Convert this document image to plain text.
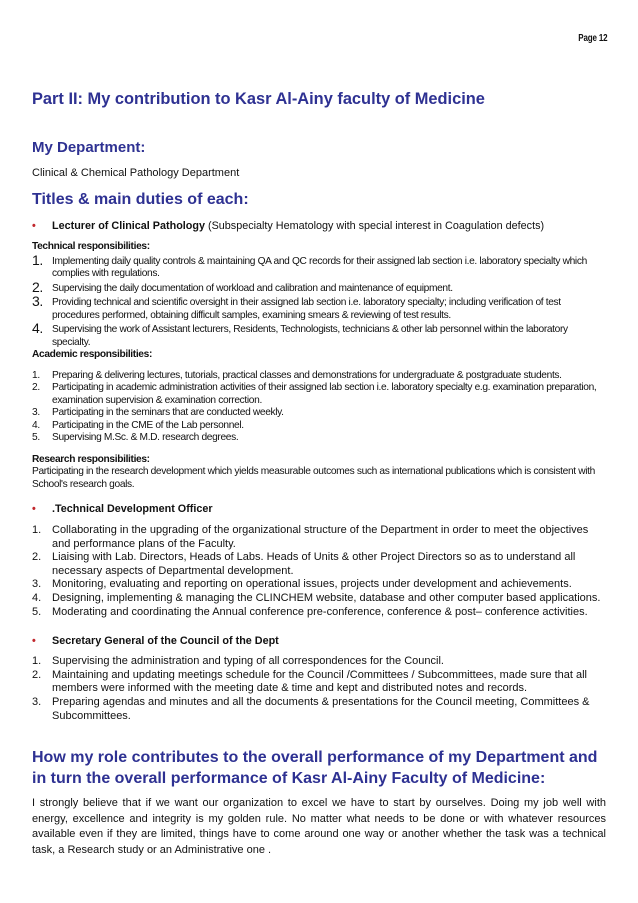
Page 12
Part II: My contribution to Kasr Al-Ainy faculty of Medicine
My Department:

Clinical & Chemical Pathology Department

Titles & main duties of each:
• Lecturer of Clinical Pathology (Subspecialty Hematology with special interest in Coagulation defects)
Technical responsibilities:
1. Implementing daily quality controls & maintaining QA and QC records for their assigned lab section i.e. laboratory specialty which complies with regulations.
2. Supervising the daily documentation of workload and calibration and maintenance of equipment.
3. Providing technical and scientific oversight in their assigned lab section i.e. laboratory specialty; including verification of test procedures performed, obtaining difficult samples, examining smears & reviewing of test results.
4. Supervising the work of Assistant lecturers, Residents, Technologists, technicians & other lab personnel within the laboratory specialty.
Academic responsibilities:
1. Preparing & delivering lectures, tutorials, practical classes and demonstrations for undergraduate & postgraduate students.
2. Participating in academic administration activities of their assigned lab section i.e. laboratory specialty e.g. examination preparation, examination supervision & examination correction.
3. Participating in the seminars that are conducted weekly.
4. Participating in the CME of the Lab personnel.
5. Supervising M.Sc. & M.D. research degrees.
Research responsibilities:
Participating in the research development which yields measurable outcomes such as international publications which is consistent with School's research goals.
• .Technical Development Officer
1. Collaborating in the upgrading of the organizational structure of the Department in order to meet the objectives and performance plans of the Faculty.
2. Liaising with Lab. Directors, Heads of Labs. Heads of Units & other Project Directors so as to understand all necessary aspects of Departmental development.
3. Monitoring, evaluating and reporting on operational issues, projects under development and achievements.
4. Designing, implementing & managing the CLINCHEM website, database and other computer based applications.
5. Moderating and coordinating the Annual conference pre-conference, conference & post– conference activities.
• Secretary General of the Council of the Dept
1. Supervising the administration and typing of all correspondences for the Council.
2. Maintaining and updating meetings schedule for the Council /Committees / Subcommittees, made sure that all members were informed with the meeting date & time and kept and distributed notes and records.
3. Preparing agendas and minutes and all the documents & presentations for the Council meeting, Committees & Subcommittees.
How my role contributes to the overall performance of my Department and in turn the overall performance of Kasr Al-Ainy Faculty of Medicine:

I strongly believe that if we want our organization to excel we have to start by ourselves. Doing my job well with energy, excellence and integrity is my golden rule. No matter what needs to be done or with whatever resources available even if they are limited, things have to come around one way or another whether the task was a technical task, a Research study or an Administrative one .
